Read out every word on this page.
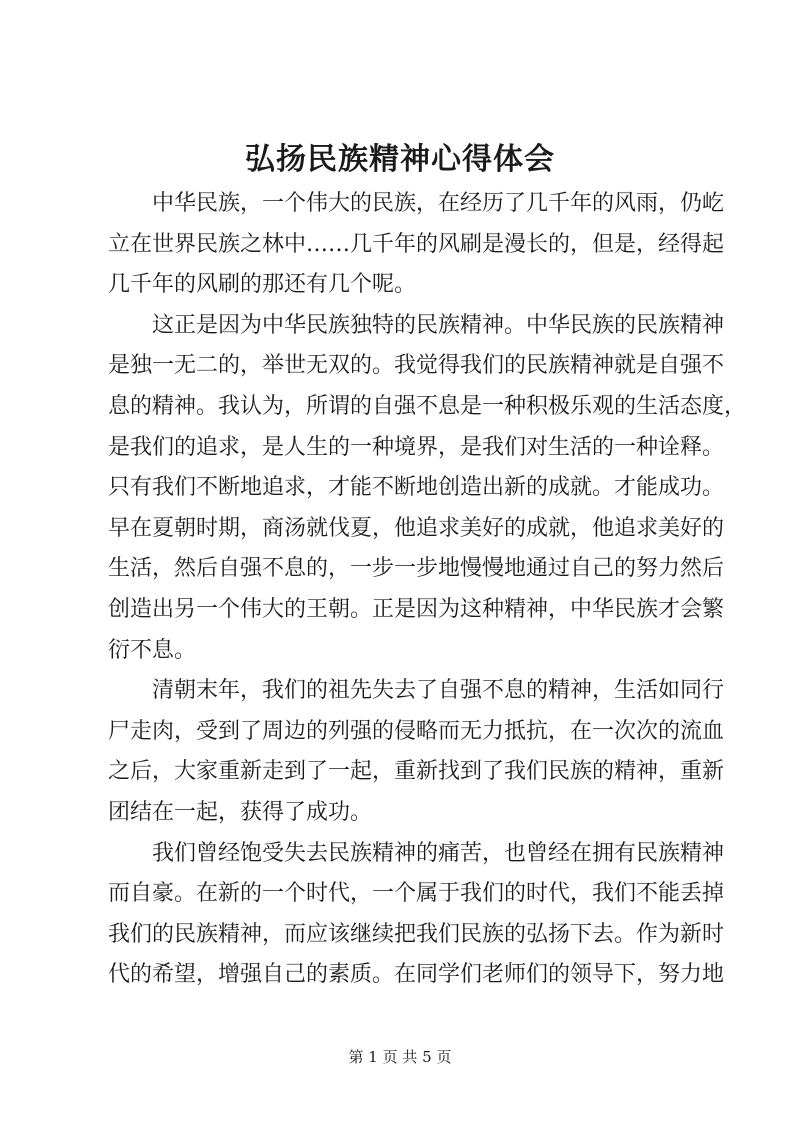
弘扬民族精神心得体会
中华民族，一个伟大的民族，在经历了几千年的风雨，仍屹
立在世界民族之林中……几千年的风刷是漫长的，但是，经得起
几千年的风刷的那还有几个呢。
这正是因为中华民族独特的民族精神。中华民族的民族精神
是独一无二的，举世无双的。我觉得我们的民族精神就是自强不
息的精神。我认为，所谓的自强不息是一种积极乐观的生活态度，
是我们的追求，是人生的一种境界，是我们对生活的一种诠释。
只有我们不断地追求，才能不断地创造出新的成就。才能成功。
早在夏朝时期，商汤就伐夏，他追求美好的成就，他追求美好的
生活，然后自强不息的，一步一步地慢慢地通过自己的努力然后
创造出另一个伟大的王朝。正是因为这种精神，中华民族才会繁
衍不息。
清朝末年，我们的祖先失去了自强不息的精神，生活如同行
尸走肉，受到了周边的列强的侵略而无力抵抗，在一次次的流血
之后，大家重新走到了一起，重新找到了我们民族的精神，重新
团结在一起，获得了成功。
我们曾经饱受失去民族精神的痛苦，也曾经在拥有民族精神
而自豪。在新的一个时代，一个属于我们的时代，我们不能丢掉
我们的民族精神，而应该继续把我们民族的弘扬下去。作为新时
代的希望，增强自己的素质。在同学们老师们的领导下，努力地
第 1 页 共 5 页
